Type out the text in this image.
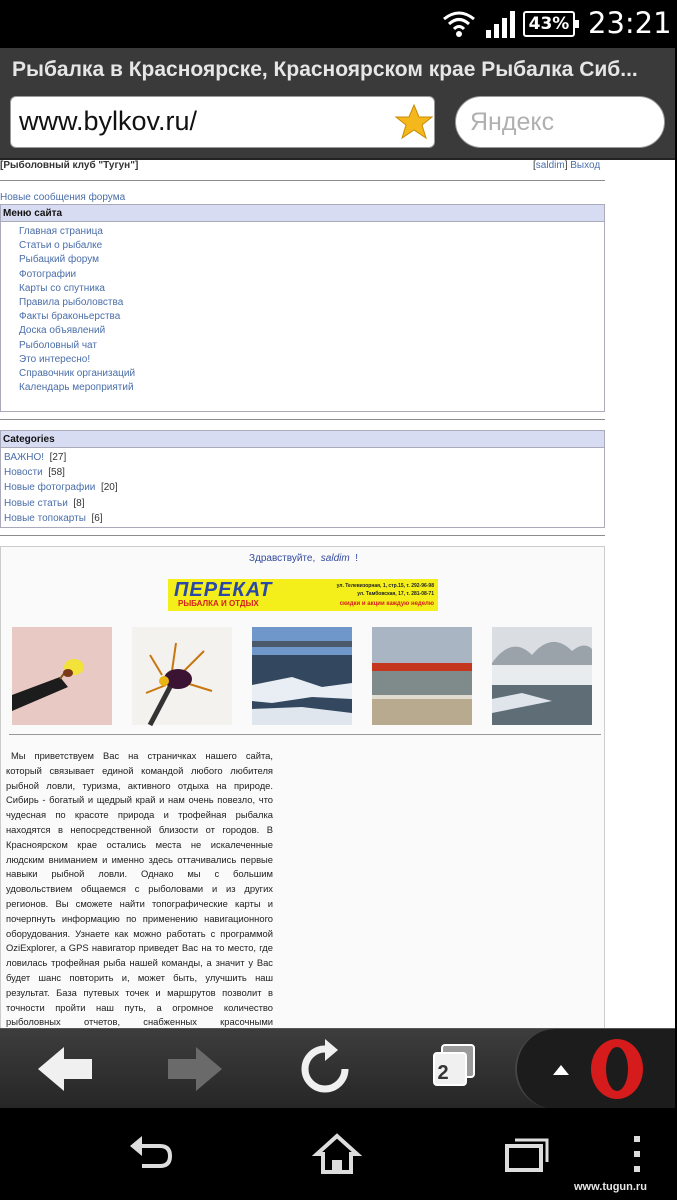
43% 23:21
Рыбалка в Красноярске, Красноярском крае Рыбалка Сиб...
www.bylkov.ru/
Яндекс
[Рыболовный клуб "Тугун"]	[saldim] Выход
Новые сообщения форума
Меню сайта
Главная страница
Статьи о рыбалке
Рыбацкий форум
Фотографии
Карты со спутника
Правила рыболовства
Факты браконьерства
Доска объявлений
Рыболовный чат
Это интересно!
Справочник организаций
Календарь мероприятий
Categories
ВАЖНО! [27]
Новости [58]
Новые фотографии [20]
Новые статьи [8]
Новые топокарты [6]
Здравствуйте, saldim !
ПЕРЕКАТ
РЫБАЛКА И ОТДЫХ
ул. Телевизорная, 1, стр.15, т. 292-96-98
ул. Тамбовская, 17, т. 281-08-71
скидки и акции каждую неделю

Мы приветствуем Вас на страничках нашего сайта, который связывает единой командой любого любителя рыбной ловли, туризма, активного отдыха на природе. Сибирь - богатый и щедрый край и нам очень повезло, что чудесная по красоте природа и трофейная рыбалка находятся в непосредственной близости от городов. В Красноярском крае остались места не искалеченные людским вниманием и именно здесь оттачивались первые навыки рыбной ловли. Однако мы с большим удовольствием общаемся с рыболовами и из других регионов. Вы сможете найти топографические карты и почерпнуть информацию по применению навигационного оборудования. Узнаете как можно работать с программой OziExplorer, а GPS навигатор приведет Вас на то место, где ловилась трофейная рыба нашей команды, а значит у Вас будет шанс повторить и, может быть, улучшить наш результат. База путевых точек и маршрутов позволит в точности пройти наш путь, а огромное количество рыболовных отчетов, снабженных красочными

2
www.tugun.ru
